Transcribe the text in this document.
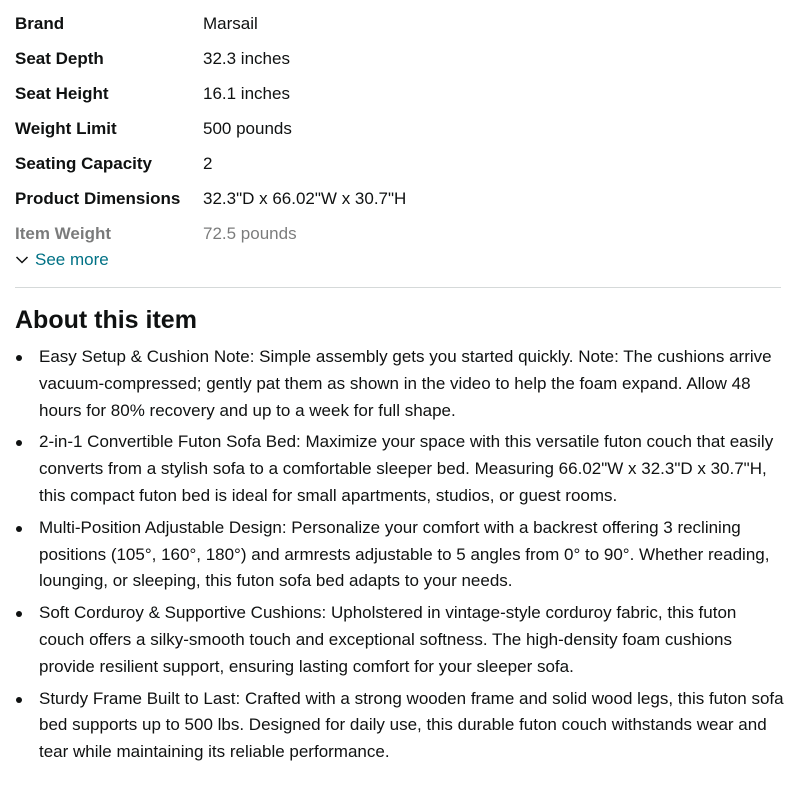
Brand	Marsail
Seat Depth	32.3 inches
Seat Height	16.1 inches
Weight Limit	500 pounds
Seating Capacity	2
Product Dimensions	32.3"D x 66.02"W x 30.7"H
Item Weight	72.5 pounds
See more
About this item
Easy Setup & Cushion Note: Simple assembly gets you started quickly. Note: The cushions arrive vacuum-compressed; gently pat them as shown in the video to help the foam expand. Allow 48 hours for 80% recovery and up to a week for full shape.
2-in-1 Convertible Futon Sofa Bed: Maximize your space with this versatile futon couch that easily converts from a stylish sofa to a comfortable sleeper bed. Measuring 66.02"W x 32.3"D x 30.7"H, this compact futon bed is ideal for small apartments, studios, or guest rooms.
Multi-Position Adjustable Design: Personalize your comfort with a backrest offering 3 reclining positions (105°, 160°, 180°) and armrests adjustable to 5 angles from 0° to 90°. Whether reading, lounging, or sleeping, this futon sofa bed adapts to your needs.
Soft Corduroy & Supportive Cushions: Upholstered in vintage-style corduroy fabric, this futon couch offers a silky-smooth touch and exceptional softness. The high-density foam cushions provide resilient support, ensuring lasting comfort for your sleeper sofa.
Sturdy Frame Built to Last: Crafted with a strong wooden frame and solid wood legs, this futon sofa bed supports up to 500 lbs. Designed for daily use, this durable futon couch withstands wear and tear while maintaining its reliable performance.
